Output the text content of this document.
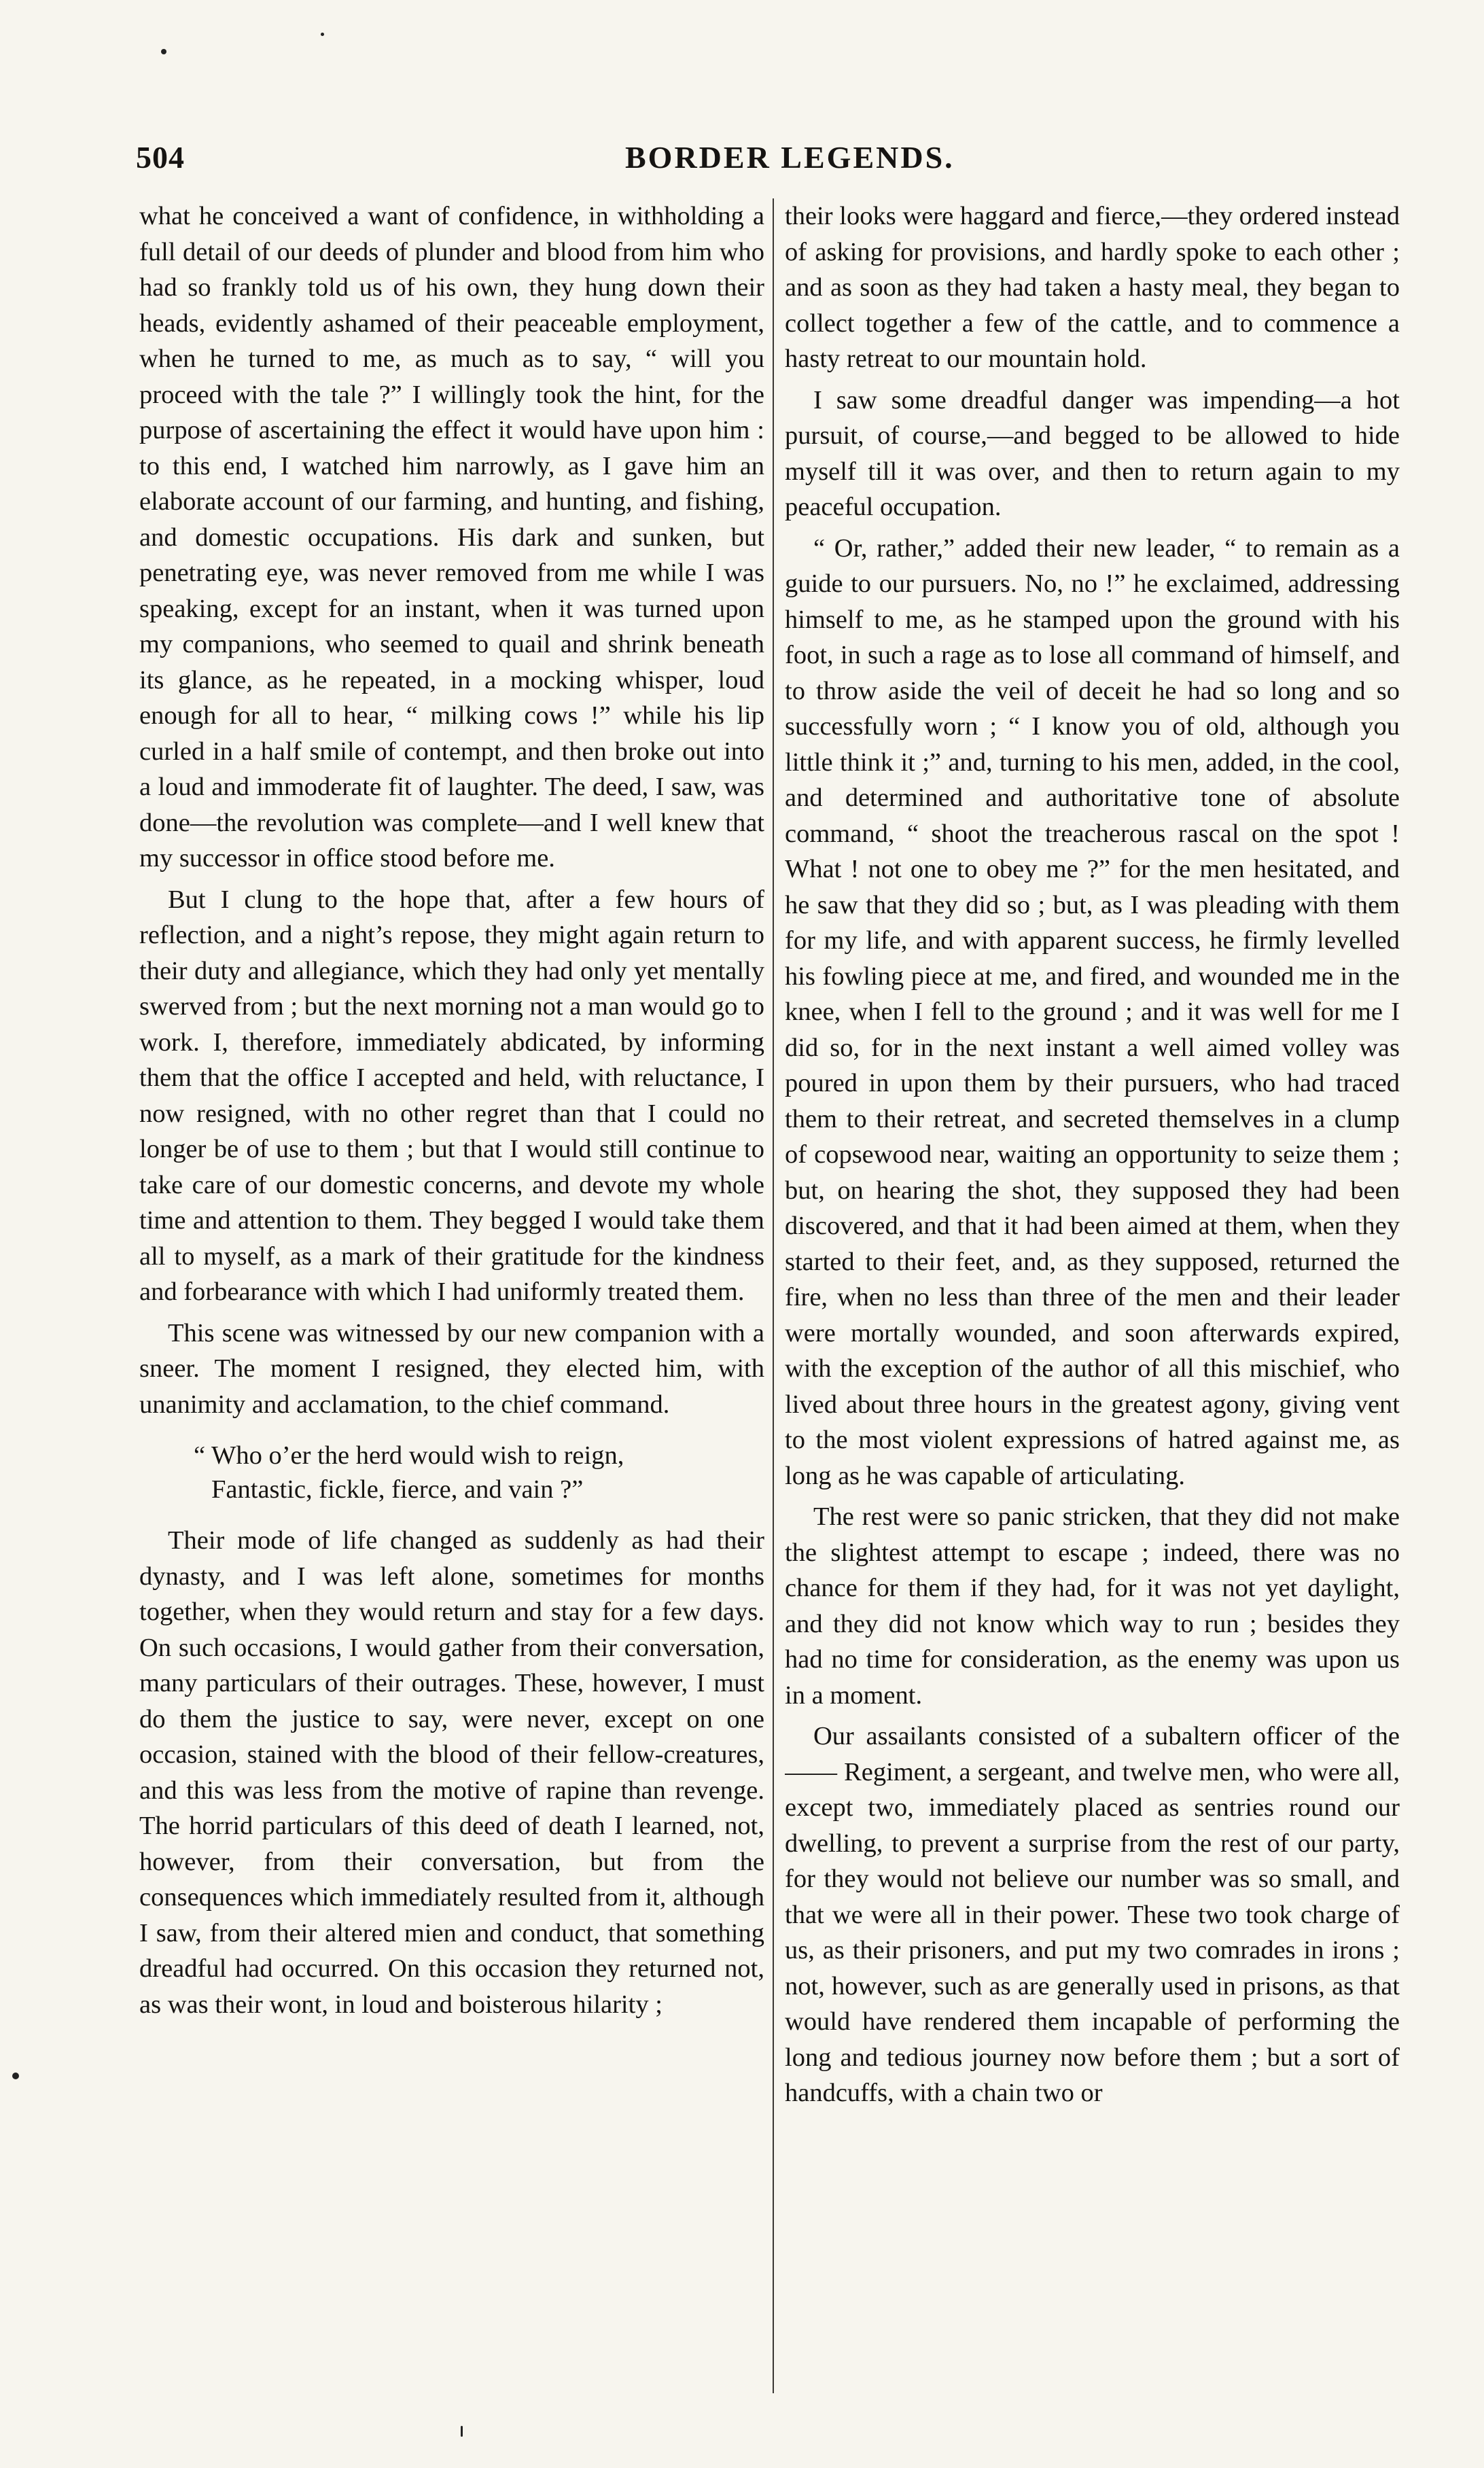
504	BORDER LEGENDS.

what he conceived a want of confidence, in withholding a full detail of our deeds of plunder and blood from him who had so frankly told us of his own, they hung down their heads, evidently ashamed of their peaceable employment, when he turned to me, as much as to say, “ will you proceed with the tale ?” I willingly took the hint, for the purpose of ascertaining the effect it would have upon him : to this end, I watched him narrowly, as I gave him an elaborate account of our farming, and hunting, and fishing, and domestic occupations. His dark and sunken, but penetrating eye, was never removed from me while I was speaking, except for an instant, when it was turned upon my companions, who seemed to quail and shrink beneath its glance, as he repeated, in a mocking whisper, loud enough for all to hear, “ milking cows !” while his lip curled in a half smile of contempt, and then broke out into a loud and immoderate fit of laughter. The deed, I saw, was done—the revolution was complete—and I well knew that my successor in office stood before me.

But I clung to the hope that, after a few hours of reflection, and a night’s repose, they might again return to their duty and allegiance, which they had only yet mentally swerved from ; but the next morning not a man would go to work. I, therefore, immediately abdicated, by informing them that the office I accepted and held, with reluctance, I now resigned, with no other regret than that I could no longer be of use to them ; but that I would still continue to take care of our domestic concerns, and devote my whole time and attention to them. They begged I would take them all to myself, as a mark of their gratitude for the kindness and forbearance with which I had uniformly treated them.

This scene was witnessed by our new companion with a sneer. The moment I resigned, they elected him, with unanimity and acclamation, to the chief command.

“ Who o’er the herd would wish to reign,
Fantastic, fickle, fierce, and vain ?”

Their mode of life changed as suddenly as had their dynasty, and I was left alone, sometimes for months together, when they would return and stay for a few days. On such occasions, I would gather from their conversation, many particulars of their outrages. These, however, I must do them the justice to say, were never, except on one occasion, stained with the blood of their fellow-creatures, and this was less from the motive of rapine than revenge. The horrid particulars of this deed of death I learned, not, however, from their conversation, but from the consequences which immediately resulted from it, although I saw, from their altered mien and conduct, that something dreadful had occurred. On this occasion they returned not, as was their wont, in loud and boisterous hilarity ;

their looks were haggard and fierce,—they ordered instead of asking for provisions, and hardly spoke to each other ; and as soon as they had taken a hasty meal, they began to collect together a few of the cattle, and to commence a hasty retreat to our mountain hold.

I saw some dreadful danger was impending—a hot pursuit, of course,—and begged to be allowed to hide myself till it was over, and then to return again to my peaceful occupation.

“ Or, rather,” added their new leader, “ to remain as a guide to our pursuers. No, no !” he exclaimed, addressing himself to me, as he stamped upon the ground with his foot, in such a rage as to lose all command of himself, and to throw aside the veil of deceit he had so long and so successfully worn ; “ I know you of old, although you little think it ;” and, turning to his men, added, in the cool, and determined and authoritative tone of absolute command, “ shoot the treacherous rascal on the spot ! What ! not one to obey me ?” for the men hesitated, and he saw that they did so ; but, as I was pleading with them for my life, and with apparent success, he firmly levelled his fowling piece at me, and fired, and wounded me in the knee, when I fell to the ground ; and it was well for me I did so, for in the next instant a well aimed volley was poured in upon them by their pursuers, who had traced them to their retreat, and secreted themselves in a clump of copsewood near, waiting an opportunity to seize them ; but, on hearing the shot, they supposed they had been discovered, and that it had been aimed at them, when they started to their feet, and, as they supposed, returned the fire, when no less than three of the men and their leader were mortally wounded, and soon afterwards expired, with the exception of the author of all this mischief, who lived about three hours in the greatest agony, giving vent to the most violent expressions of hatred against me, as long as he was capable of articulating.

The rest were so panic stricken, that they did not make the slightest attempt to escape ; indeed, there was no chance for them if they had, for it was not yet daylight, and they did not know which way to run ; besides they had no time for consideration, as the enemy was upon us in a moment.

Our assailants consisted of a subaltern officer of the —— Regiment, a sergeant, and twelve men, who were all, except two, immediately placed as sentries round our dwelling, to prevent a surprise from the rest of our party, for they would not believe our number was so small, and that we were all in their power. These two took charge of us, as their prisoners, and put my two comrades in irons ; not, however, such as are generally used in prisons, as that would have rendered them incapable of performing the long and tedious journey now before them ; but a sort of handcuffs, with a chain two or
